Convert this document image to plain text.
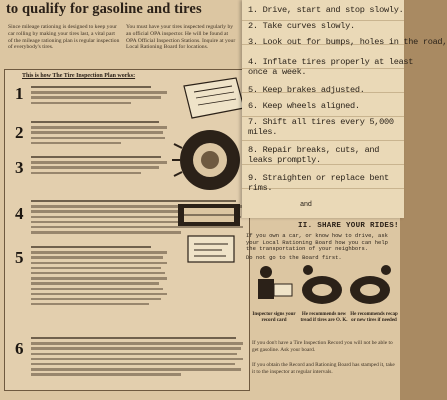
to qualify for gasoline and tires
Since mileage rationing is designed to keep your car rolling by making your tires last, a vital part of the mileage rationing plan is regular inspection of everybody's tires.
You must have your tires inspected regularly by an official OPA inspector. He will be found at OPA Official Inspection Stations. Inquire at your Local Rationing Board for locations.
This is how The Tire Inspection Plan works:
1
2
3
4
5
6
1. Drive, start and stop slowly.
2. Take curves slowly.
3. Look out for bumps, holes in the road,
4. Inflate tires properly at least
once a week.
5. Keep brakes adjusted.
6. Keep wheels aligned.
7. Shift all tires every 5,000
miles.
8. Repair breaks, cuts, and
leaks promptly.
9. Straighten or replace bent
rims.
and
II. SHARE YOUR RIDES!
If you own a car, or know how to drive, ask your Local Rationing Board how you can help the transportation of your neighbors.
Do not go to the Board first.
Inspector signs your record card
He recommends new tread if tires are O. K.
He recommends recap or new tires if needed
If you don't have a Tire Inspection Record you will not be able to get gasoline. Ask your board.
If you obtain the Record and Rationing Board has stamped it, take it to the inspector at regular intervals.
